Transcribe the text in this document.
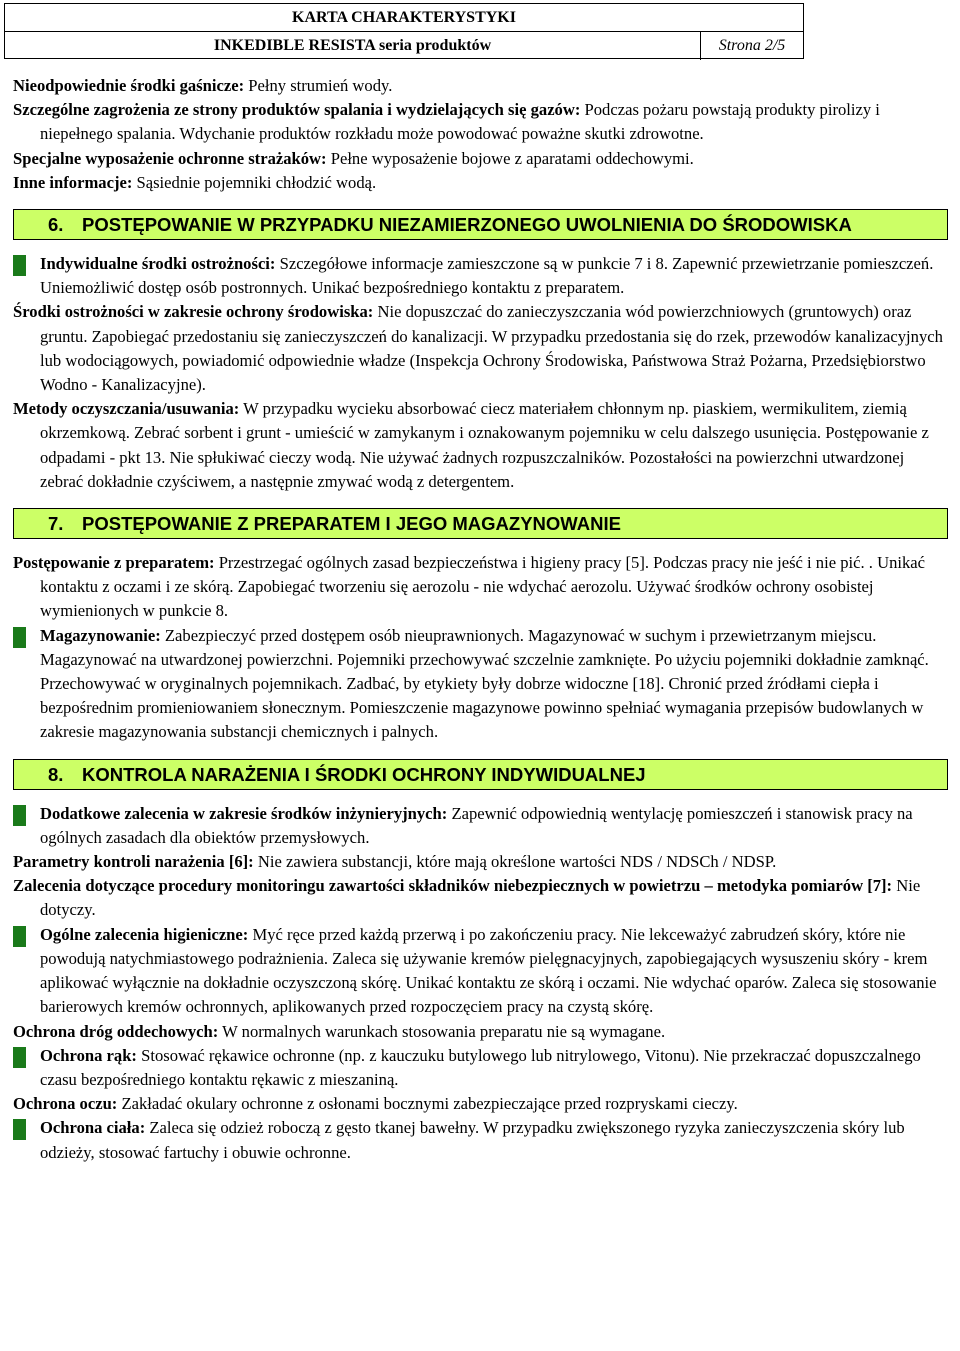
KARTA CHARAKTERYSTYKI
INKEDIBLE RESISTA seria produktów	Strona 2/5

Nieodpowiednie środki gaśnicze: Pełny strumień wody.

Szczególne zagrożenia ze strony produktów spalania i wydzielających się gazów: Podczas pożaru powstają produkty pirolizy i niepełnego spalania. Wdychanie produktów rozkładu może powodować poważne skutki zdrowotne.

Specjalne wyposażenie ochronne strażaków: Pełne wyposażenie bojowe z aparatami oddechowymi.

Inne informacje: Sąsiednie pojemniki chłodzić wodą.

6.	POSTĘPOWANIE W PRZYPADKU NIEZAMIERZONEGO UWOLNIENIA DO ŚRODOWISKA

Indywidualne środki ostrożności: Szczegółowe informacje zamieszczone są w punkcie 7 i 8. Zapewnić przewietrzanie pomieszczeń. Uniemożliwić dostęp osób postronnych. Unikać bezpośredniego kontaktu z preparatem.

Środki ostrożności w zakresie ochrony środowiska: Nie dopuszczać do zanieczyszczania wód powierzchniowych (gruntowych) oraz gruntu. Zapobiegać przedostaniu się zanieczyszczeń do kanalizacji. W przypadku przedostania się do rzek, przewodów kanalizacyjnych lub wodociągowych, powiadomić odpowiednie władze (Inspekcja Ochrony Środowiska, Państwowa Straż Pożarna, Przedsiębiorstwo Wodno - Kanalizacyjne).

Metody oczyszczania/usuwania: W przypadku wycieku absorbować ciecz materiałem chłonnym np. piaskiem, wermikulitem, ziemią okrzemkową. Zebrać sorbent i grunt - umieścić w zamykanym i oznakowanym pojemniku w celu dalszego usunięcia. Postępowanie z odpadami - pkt 13. Nie spłukiwać cieczy wodą. Nie używać żadnych rozpuszczalników. Pozostałości na powierzchni utwardzonej zebrać dokładnie czyściwem, a następnie zmywać wodą z detergentem.

7.	POSTĘPOWANIE Z PREPARATEM I JEGO MAGAZYNOWANIE

Postępowanie z preparatem: Przestrzegać ogólnych zasad bezpieczeństwa i higieny pracy [5]. Podczas pracy nie jeść i nie pić. . Unikać kontaktu z oczami i ze skórą. Zapobiegać tworzeniu się aerozolu - nie wdychać aerozolu. Używać środków ochrony osobistej wymienionych w punkcie 8.

Magazynowanie: Zabezpieczyć przed dostępem osób nieuprawnionych. Magazynować w suchym i przewietrzanym miejscu. Magazynować na utwardzonej powierzchni. Pojemniki przechowywać szczelnie zamknięte. Po użyciu pojemniki dokładnie zamknąć. Przechowywać w oryginalnych pojemnikach. Zadbać, by etykiety były dobrze widoczne [18]. Chronić przed źródłami ciepła i bezpośrednim promieniowaniem słonecznym. Pomieszczenie magazynowe powinno spełniać wymagania przepisów budowlanych w zakresie magazynowania substancji chemicznych i palnych.

8.	KONTROLA NARAŻENIA I ŚRODKI OCHRONY INDYWIDUALNEJ

Dodatkowe zalecenia w zakresie środków inżynieryjnych: Zapewnić odpowiednią wentylację pomieszczeń i stanowisk pracy na ogólnych zasadach dla obiektów przemysłowych.

Parametry kontroli narażenia [6]: Nie zawiera substancji, które mają określone wartości NDS / NDSCh / NDSP.

Zalecenia dotyczące procedury monitoringu zawartości składników niebezpiecznych w powietrzu – metodyka pomiarów [7]: Nie dotyczy.

Ogólne zalecenia higieniczne: Myć ręce przed każdą przerwą i po zakończeniu pracy. Nie lekceważyć zabrudzeń skóry, które nie powodują natychmiastowego podrażnienia. Zaleca się używanie kremów pielęgnacyjnych, zapobiegających wysuszeniu skóry - krem aplikować wyłącznie na dokładnie oczyszczoną skórę. Unikać kontaktu ze skórą i oczami. Nie wdychać oparów. Zaleca się stosowanie barierowych kremów ochronnych, aplikowanych przed rozpoczęciem pracy na czystą skórę.

Ochrona dróg oddechowych: W normalnych warunkach stosowania preparatu nie są wymagane.

Ochrona rąk: Stosować rękawice ochronne (np. z kauczuku butylowego lub nitrylowego, Vitonu). Nie przekraczać dopuszczalnego czasu bezpośredniego kontaktu rękawic z mieszaniną.

Ochrona oczu: Zakładać okulary ochronne z osłonami bocznymi zabezpieczające przed rozpryskami cieczy.

Ochrona ciała: Zaleca się odzież roboczą z gęsto tkanej bawełny. W przypadku zwiększonego ryzyka zanieczyszczenia skóry lub odzieży, stosować fartuchy i obuwie ochronne.
